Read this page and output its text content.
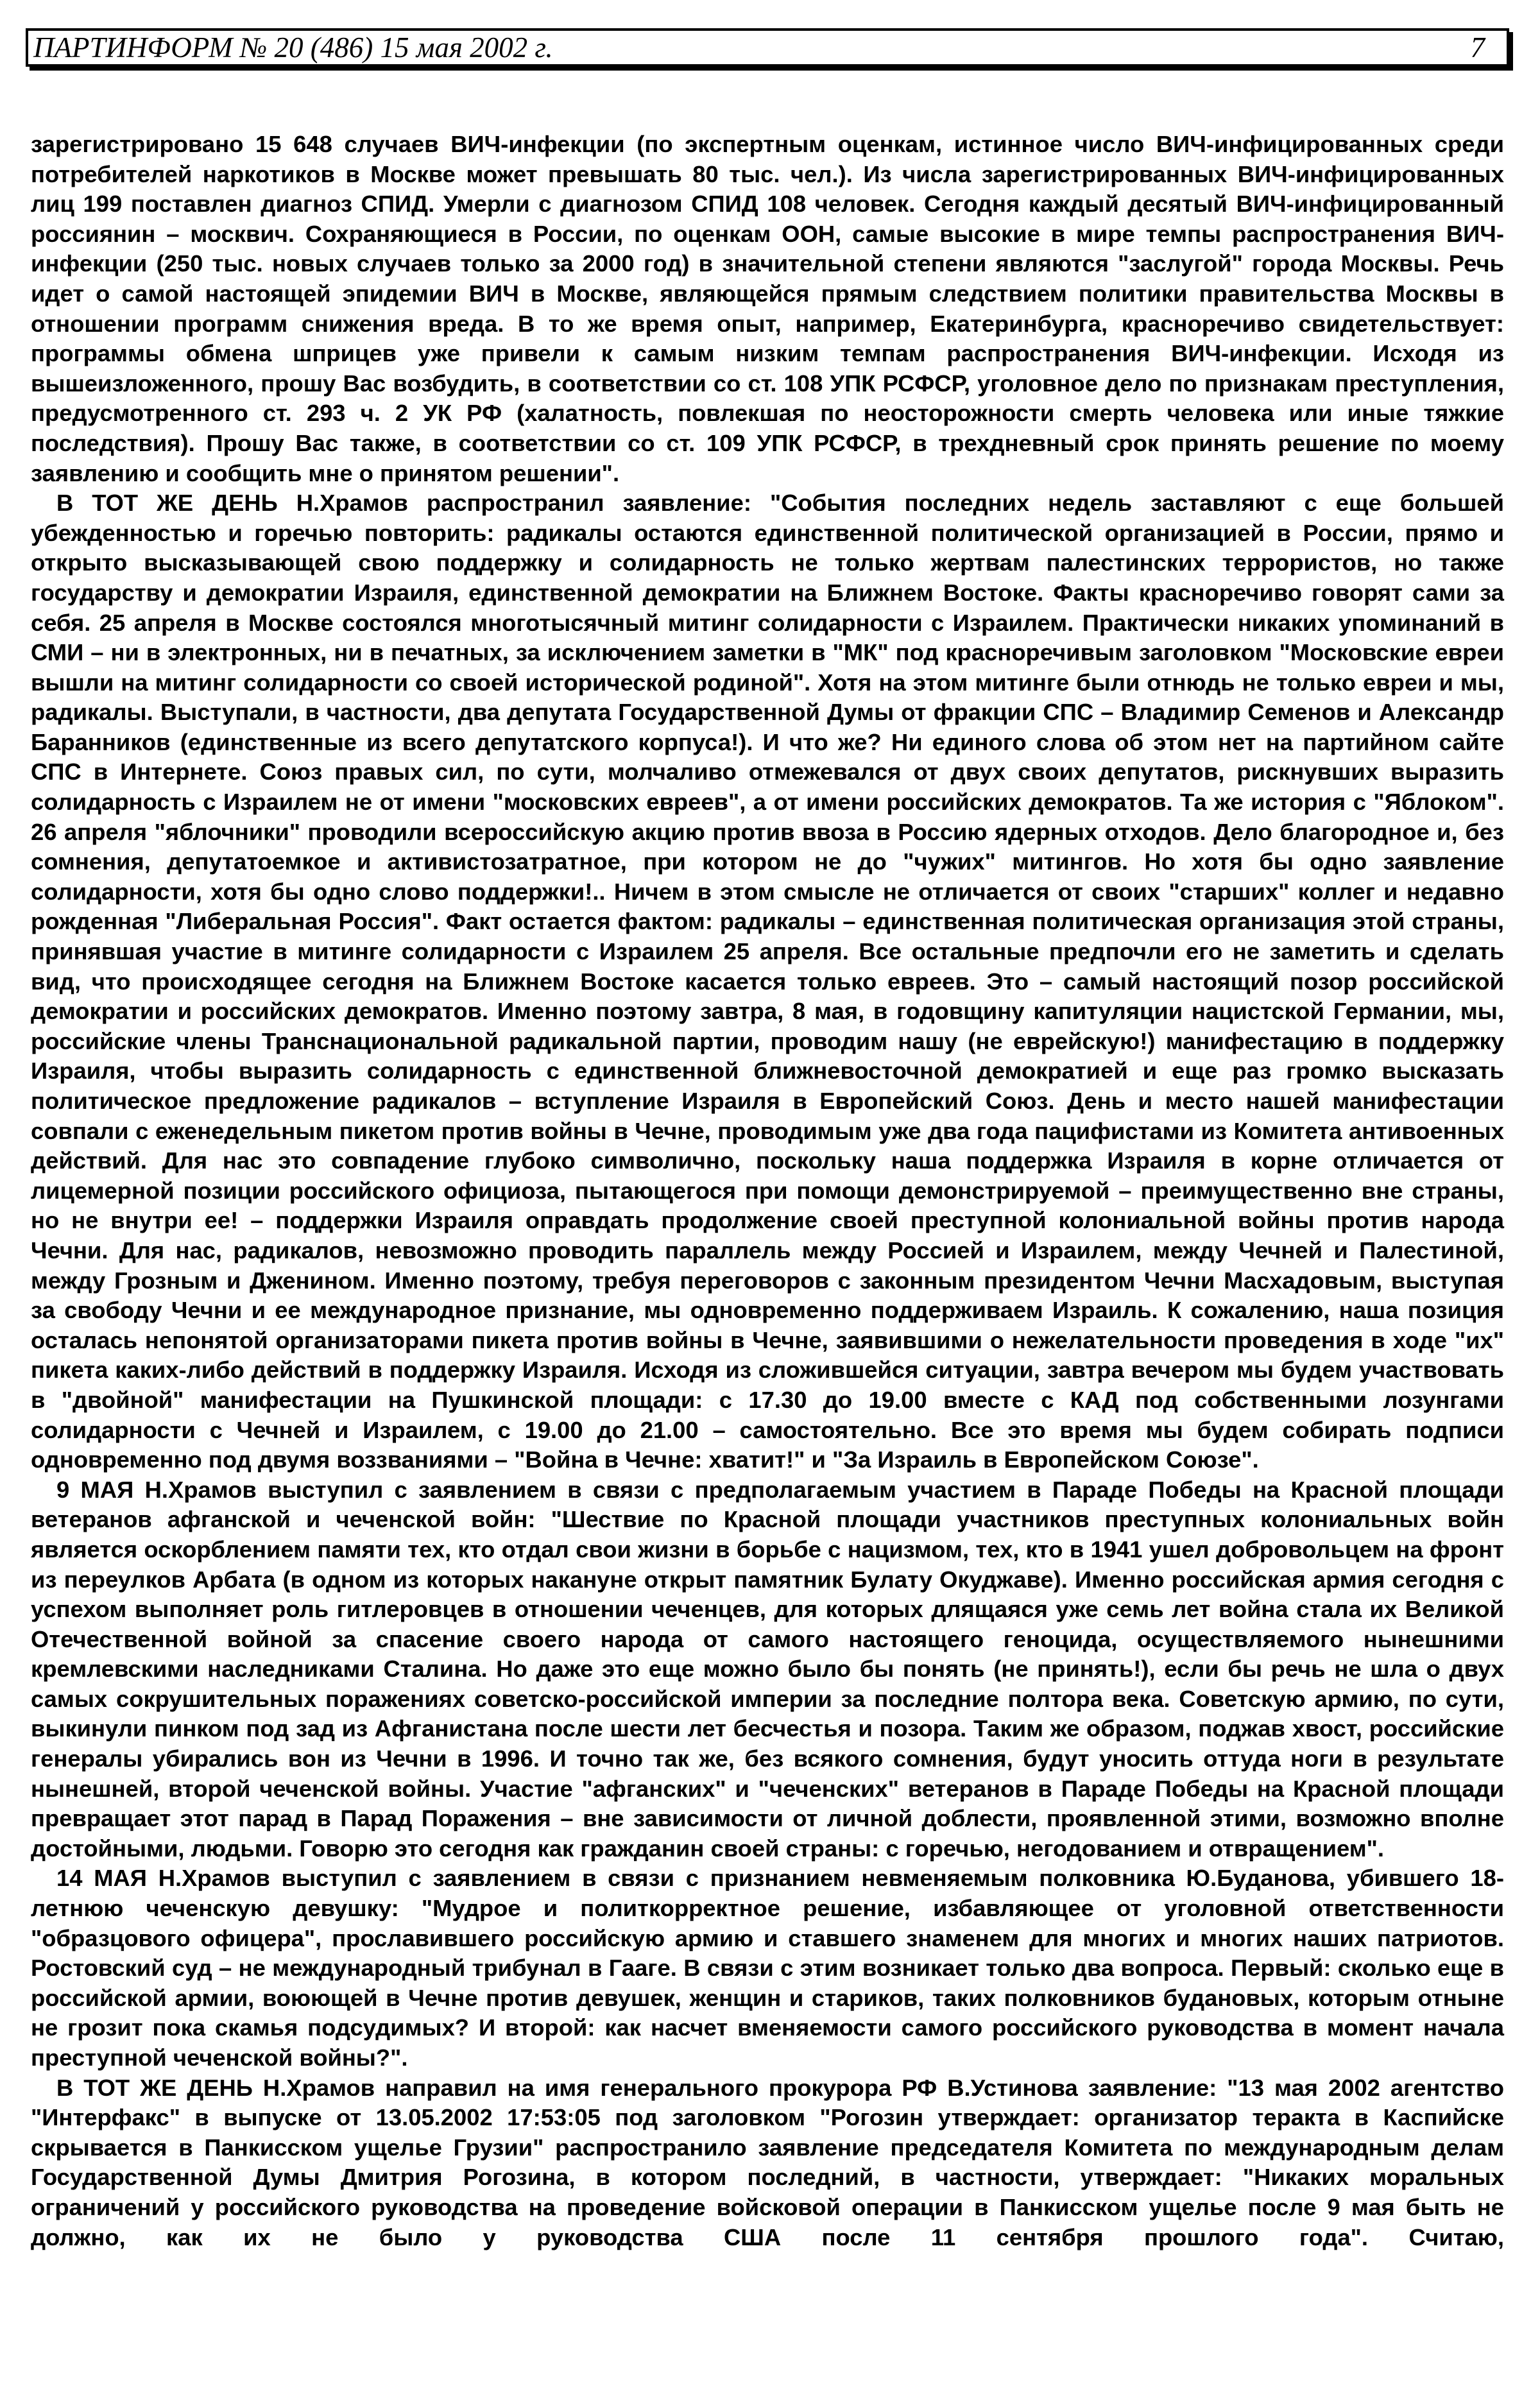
ПАРТИНФОРМ № 20 (486) 15 мая 2002 г.	7

зарегистрировано 15 648 случаев ВИЧ-инфекции (по экспертным оценкам, истинное число ВИЧ-инфицированных среди потребителей наркотиков в Москве может превышать 80 тыс. чел.). Из числа зарегистрированных ВИЧ-инфицированных лиц 199 поставлен диагноз СПИД. Умерли с диагнозом СПИД 108 человек. Сегодня каждый десятый ВИЧ-инфицированный россиянин – москвич. Сохраняющиеся в России, по оценкам ООН, самые высокие в мире темпы распространения ВИЧ-инфекции (250 тыс. новых случаев только за 2000 год) в значительной степени являются "заслугой" города Москвы. Речь идет о самой настоящей эпидемии ВИЧ в Москве, являющейся прямым следствием политики правительства Москвы в отношении программ снижения вреда. В то же время опыт, например, Екатеринбурга, красноречиво свидетельствует: программы обмена шприцев уже привели к самым низким темпам распространения ВИЧ-инфекции. Исходя из вышеизложенного, прошу Вас возбудить, в соответствии со ст. 108 УПК РСФСР, уголовное дело по признакам преступления, предусмотренного ст. 293 ч. 2 УК РФ (халатность, повлекшая по неосторожности смерть человека или иные тяжкие последствия). Прошу Вас также, в соответствии со ст. 109 УПК РСФСР, в трехдневный срок принять решение по моему заявлению и сообщить мне о принятом решении".

В ТОТ ЖЕ ДЕНЬ Н.Храмов распространил заявление: "События последних недель заставляют с еще большей убежденностью и горечью повторить: радикалы остаются единственной политической организацией в России, прямо и открыто высказывающей свою поддержку и солидарность не только жертвам палестинских террористов, но также государству и демократии Израиля, единственной демократии на Ближнем Востоке. Факты красноречиво говорят сами за себя. 25 апреля в Москве состоялся многотысячный митинг солидарности с Израилем. Практически никаких упоминаний в СМИ – ни в электронных, ни в печатных, за исключением заметки в "МК" под красноречивым заголовком "Московские евреи вышли на митинг солидарности со своей исторической родиной". Хотя на этом митинге были отнюдь не только евреи и мы, радикалы. Выступали, в частности, два депутата Государственной Думы от фракции СПС – Владимир Семенов и Александр Баранников (единственные из всего депутатского корпуса!). И что же? Ни единого слова об этом нет на партийном сайте СПС в Интернете. Союз правых сил, по сути, молчаливо отмежевался от двух своих депутатов, рискнувших выразить солидарность с Израилем не от имени "московских евреев", а от имени российских демократов. Та же история с "Яблоком". 26 апреля "яблочники" проводили всероссийскую акцию против ввоза в Россию ядерных отходов. Дело благородное и, без сомнения, депутатоемкое и активистозатратное, при котором не до "чужих" митингов. Но хотя бы одно заявление солидарности, хотя бы одно слово поддержки!.. Ничем в этом смысле не отличается от своих "старших" коллег и недавно рожденная "Либеральная Россия". Факт остается фактом: радикалы – единственная политическая организация этой страны, принявшая участие в митинге солидарности с Израилем 25 апреля. Все остальные предпочли его не заметить и сделать вид, что происходящее сегодня на Ближнем Востоке касается только евреев. Это – самый настоящий позор российской демократии и российских демократов. Именно поэтому завтра, 8 мая, в годовщину капитуляции нацистской Германии, мы, российские члены Транснациональной радикальной партии, проводим нашу (не еврейскую!) манифестацию в поддержку Израиля, чтобы выразить солидарность с единственной ближневосточной демократией и еще раз громко высказать политическое предложение радикалов – вступление Израиля в Европейский Союз. День и место нашей манифестации совпали с еженедельным пикетом против войны в Чечне, проводимым уже два года пацифистами из Комитета антивоенных действий. Для нас это совпадение глубоко символично, поскольку наша поддержка Израиля в корне отличается от лицемерной позиции российского официоза, пытающегося при помощи демонстрируемой – преимущественно вне страны, но не внутри ее! – поддержки Израиля оправдать продолжение своей преступной колониальной войны против народа Чечни. Для нас, радикалов, невозможно проводить параллель между Россией и Израилем, между Чечней и Палестиной, между Грозным и Дженином. Именно поэтому, требуя переговоров с законным президентом Чечни Масхадовым, выступая за свободу Чечни и ее международное признание, мы одновременно поддерживаем Израиль. К сожалению, наша позиция осталась непонятой организаторами пикета против войны в Чечне, заявившими о нежелательности проведения в ходе "их" пикета каких-либо действий в поддержку Израиля. Исходя из сложившейся ситуации, завтра вечером мы будем участвовать в "двойной" манифестации на Пушкинской площади: с 17.30 до 19.00 вместе с КАД под собственными лозунгами солидарности с Чечней и Израилем, с 19.00 до 21.00 – самостоятельно. Все это время мы будем собирать подписи одновременно под двумя воззваниями – "Война в Чечне: хватит!" и "За Израиль в Европейском Союзе".

9 МАЯ Н.Храмов выступил с заявлением в связи с предполагаемым участием в Параде Победы на Красной площади ветеранов афганской и чеченской войн: "Шествие по Красной площади участников преступных колониальных войн является оскорблением памяти тех, кто отдал свои жизни в борьбе с нацизмом, тех, кто в 1941 ушел добровольцем на фронт из переулков Арбата (в одном из которых накануне открыт памятник Булату Окуджаве). Именно российская армия сегодня с успехом выполняет роль гитлеровцев в отношении чеченцев, для которых длящаяся уже семь лет война стала их Великой Отечественной войной за спасение своего народа от самого настоящего геноцида, осуществляемого нынешними кремлевскими наследниками Сталина. Но даже это еще можно было бы понять (не принять!), если бы речь не шла о двух самых сокрушительных поражениях советско-российской империи за последние полтора века. Советскую армию, по сути, выкинули пинком под зад из Афганистана после шести лет бесчестья и позора. Таким же образом, поджав хвост, российские генералы убирались вон из Чечни в 1996. И точно так же, без всякого сомнения, будут уносить оттуда ноги в результате нынешней, второй чеченской войны. Участие "афганских" и "чеченских" ветеранов в Параде Победы на Красной площади превращает этот парад в Парад Поражения – вне зависимости от личной доблести, проявленной этими, возможно вполне достойными, людьми. Говорю это сегодня как гражданин своей страны: с горечью, негодованием и отвращением".

14 МАЯ Н.Храмов выступил с заявлением в связи с признанием невменяемым полковника Ю.Буданова, убившего 18-летнюю чеченскую девушку: "Мудрое и политкорректное решение, избавляющее от уголовной ответственности "образцового офицера", прославившего российскую армию и ставшего знаменем для многих и многих наших патриотов. Ростовский суд – не международный трибунал в Гааге. В связи с этим возникает только два вопроса. Первый: сколько еще в российской армии, воюющей в Чечне против девушек, женщин и стариков, таких полковников будановых, которым отныне не грозит пока скамья подсудимых? И второй: как насчет вменяемости самого российского руководства в момент начала преступной чеченской войны?".

В ТОТ ЖЕ ДЕНЬ Н.Храмов направил на имя генерального прокурора РФ В.Устинова заявление: "13 мая 2002 агентство "Интерфакс" в выпуске от 13.05.2002 17:53:05 под заголовком "Рогозин утверждает: организатор теракта в Каспийске скрывается в Панкисском ущелье Грузии" распространило заявление председателя Комитета по международным делам Государственной Думы Дмитрия Рогозина, в котором последний, в частности, утверждает: "Никаких моральных ограничений у российского руководства на проведение войсковой операции в Панкисском ущелье после 9 мая быть не должно, как их не было у руководства США после 11 сентября прошлого года". Считаю,
